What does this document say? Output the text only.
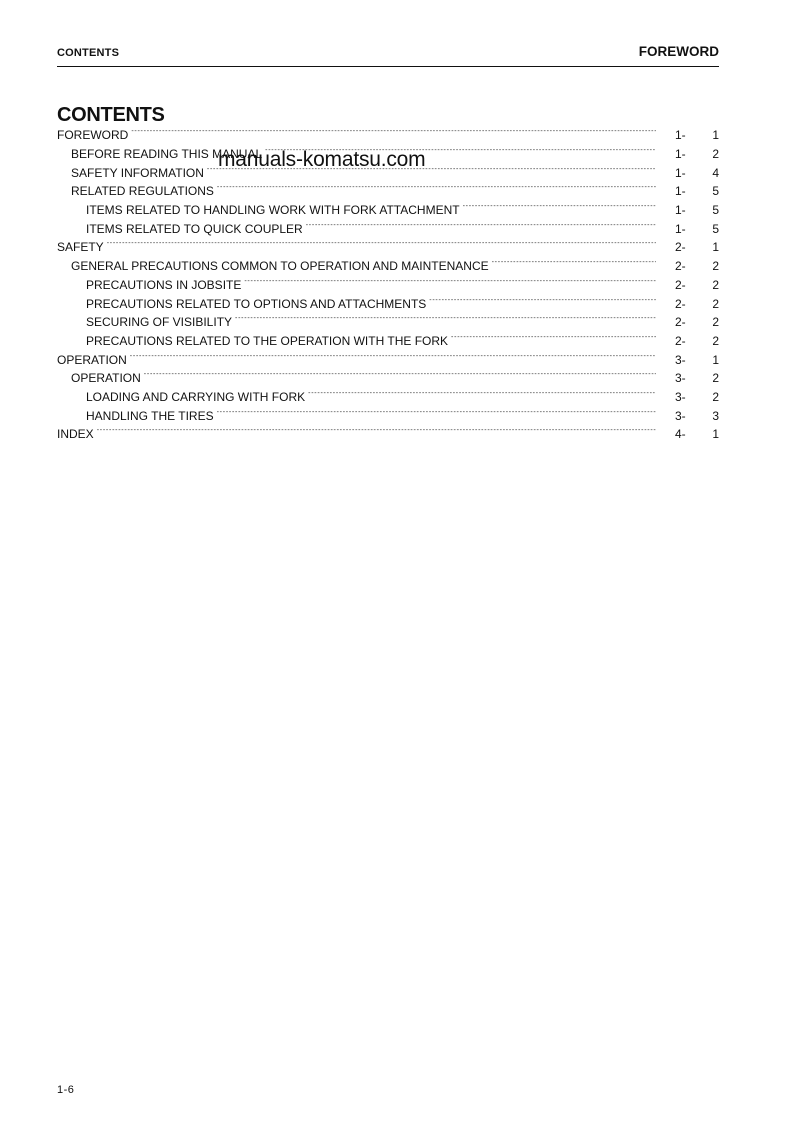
CONTENTS	FOREWORD
CONTENTS
FOREWORD - - -	1-	1
BEFORE READING THIS MANUAL - - -	1-	2
SAFETY INFORMATION - - -	1-	4
RELATED REGULATIONS - - -	1-	5
ITEMS RELATED TO HANDLING WORK WITH FORK ATTACHMENT - - -	1-	5
ITEMS RELATED TO QUICK COUPLER - - -	1-	5
SAFETY - - -	2-	1
GENERAL PRECAUTIONS COMMON TO OPERATION AND MAINTENANCE - - -	2-	2
PRECAUTIONS IN JOBSITE - - -	2-	2
PRECAUTIONS RELATED TO OPTIONS AND ATTACHMENTS - - -	2-	2
SECURING OF VISIBILITY - - -	2-	2
PRECAUTIONS RELATED TO THE OPERATION WITH THE FORK - - -	2-	2
OPERATION - - -	3-	1
OPERATION - - -	3-	2
LOADING AND CARRYING WITH FORK - - -	3-	2
HANDLING THE TIRES - - -	3-	3
INDEX - - -	4-	1
manuals-komatsu.com
1-6
